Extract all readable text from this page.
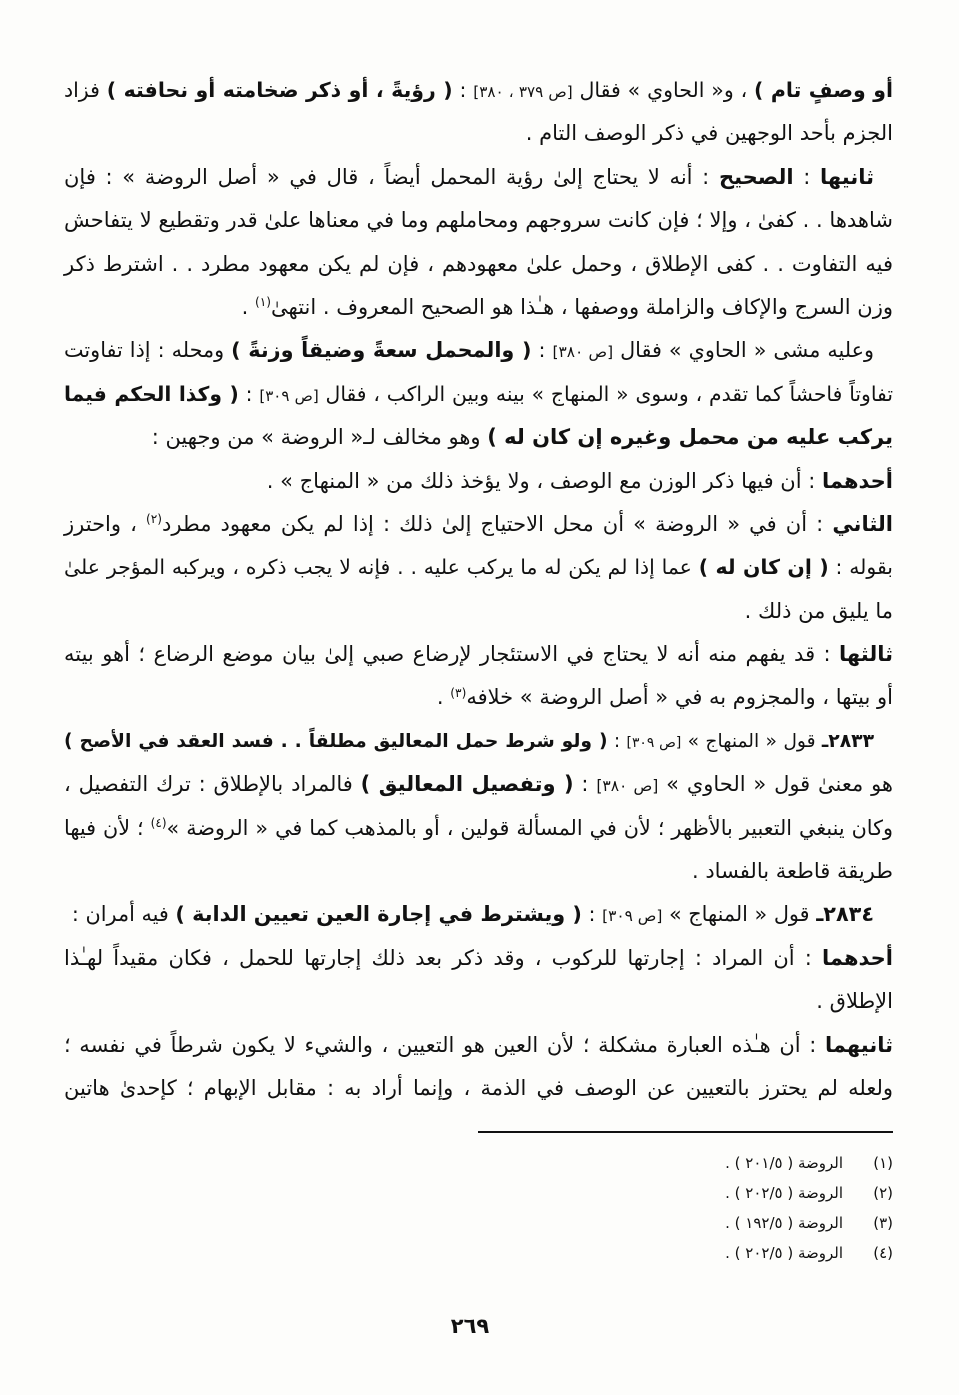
أو وصفٍ تام ) ، و« الحاوي » فقال [ص ٣٧٩ ، ٣٨٠] : ( رؤيةً ، أو ذكر ضخامته أو نحافته ) فزاد
الجزم بأحد الوجهين في ذكر الوصف التام .
ثانيها : الصحيح : أنه لا يحتاج إلىٰ رؤية المحمل أيضاً ، قال في « أصل الروضة » : فإن
شاهدها . . كفىٰ ، وإلا ؛ فإن كانت سروجهم ومحاملهم وما في معناها علىٰ قدر وتقطيع لا يتفاحش
فيه التفاوت . . كفى الإطلاق ، وحمل علىٰ معهودهم ، فإن لم يكن معهود مطرد . . اشترط ذكر
وزن السرج والإكاف والزاملة ووصفها ، هـٰذا هو الصحيح المعروف . انتهىٰ$^{(١)}$ .
وعليه مشى « الحاوي » فقال [ص ٣٨٠] : ( والمحمل سعةً وضيقاً وزنةً ) ومحله : إذا تفاوتت
تفاوتاً فاحشاً كما تقدم ، وسوى « المنهاج » بينه وبين الراكب ، فقال [ص ٣٠٩] : ( وكذا الحكم فيما
يركب عليه من محمل وغيره إن كان له ) وهو مخالف لـ« الروضة » من وجهين :
أحدهما : أن فيها ذكر الوزن مع الوصف ، ولا يؤخذ ذلك من « المنهاج » .
الثاني : أن في « الروضة » أن محل الاحتياج إلىٰ ذلك : إذا لم يكن معهود مطرد$^{(٢)}$ ، واحترز
بقوله : ( إن كان له ) عما إذا لم يكن له ما يركب عليه . . فإنه لا يجب ذكره ، ويركبه المؤجر علىٰ
ما يليق من ذلك .
ثالثها : قد يفهم منه أنه لا يحتاج في الاستئجار لإرضاع صبي إلىٰ بيان موضع الرضاع ؛ أهو بيته
أو بيتها ، والمجزوم به في « أصل الروضة » خلافه$^{(٣)}$ .
٢٨٣٣ـ قول « المنهاج » [ص ٣٠٩] : ( ولو شرط حمل المعاليق مطلقاً . . فسد العقد في الأصح )
هو معنىٰ قول « الحاوي » [ص ٣٨٠] : ( وتفصيل المعاليق ) فالمراد بالإطلاق : ترك التفصيل ،
وكان ينبغي التعبير بالأظهر ؛ لأن في المسألة قولين ، أو بالمذهب كما في « الروضة »$^{(٤)}$ ؛ لأن فيها
طريقة قاطعة بالفساد .
٢٨٣٤ـ قول « المنهاج » [ص ٣٠٩] : ( ويشترط في إجارة العين تعيين الدابة ) فيه أمران :
أحدهما : أن المراد : إجارتها للركوب ، وقد ذكر بعد ذلك إجارتها للحمل ، فكان مقيداً لهـٰذا
الإطلاق .
ثانيهما : أن هـٰذه العبارة مشكلة ؛ لأن العين هو التعيين ، والشيء لا يكون شرطاً في نفسه ؛
ولعله لم يحترز بالتعيين عن الوصف في الذمة ، وإنما أراد به : مقابل الإبهام ؛ كإحدىٰ هاتين
(١)
الروضة ( ٢٠١/٥ ) .
(٢)
الروضة ( ٢٠٢/٥ ) .
(٣)
الروضة ( ١٩٢/٥ ) .
(٤)
الروضة ( ٢٠٢/٥ ) .
٢٦٩
